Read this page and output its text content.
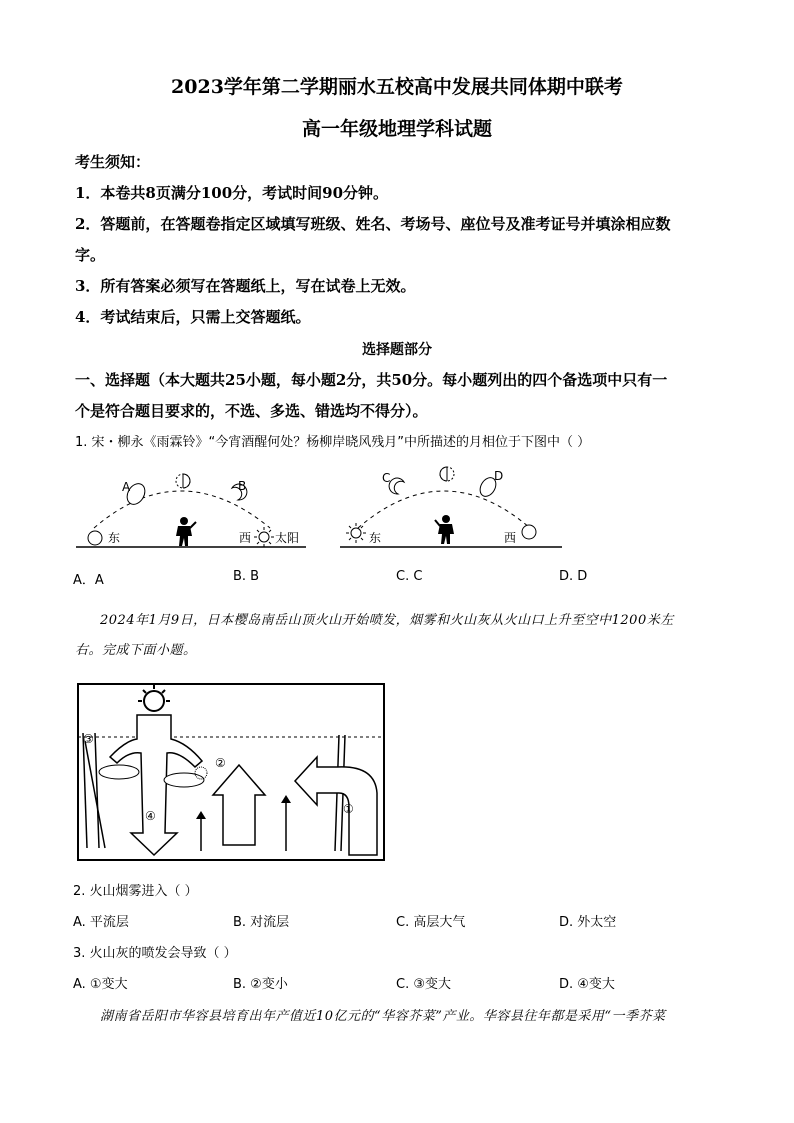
2023学年第二学期丽水五校高中发展共同体期中联考
高一年级地理学科试题
考生须知：
1．本卷共8页满分100分，考试时间90分钟。
2．答题前，在答题卷指定区域填写班级、姓名、考场号、座位号及准考证号并填涂相应数
字。
3．所有答案必须写在答题纸上，写在试卷上无效。
4．考试结束后，只需上交答题纸。
选择题部分
一、选择题（本大题共25小题，每小题2分，共50分。每小题列出的四个备选项中只有一
个是符合题目要求的，不选、多选、错选均不得分）。
1. 宋・柳永《雨霖铃》“今宵酒醒何处？杨柳岸晓风残月”中所描述的月相位于下图中（ ）
东
A	B
西 太阳	东
C	D
西
A．A	B. B	C. C	D. D
2024年1月9日，日本樱岛南岳山顶火山开始喷发，烟雾和火山灰从火山口上升至空中1200米左
右。完成下面小题。
③
②
④	①
2. 火山烟雾进入（ ）
A. 平流层	B. 对流层	C. 高层大气	D. 外太空
3. 火山灰的喷发会导致（ ）
A. ①变大	B. ②变小	C. ③变大	D. ④变大
湖南省岳阳市华容县培育出年产值近10亿元的“华容芥菜”产业。华容县往年都是采用“一季芥菜
